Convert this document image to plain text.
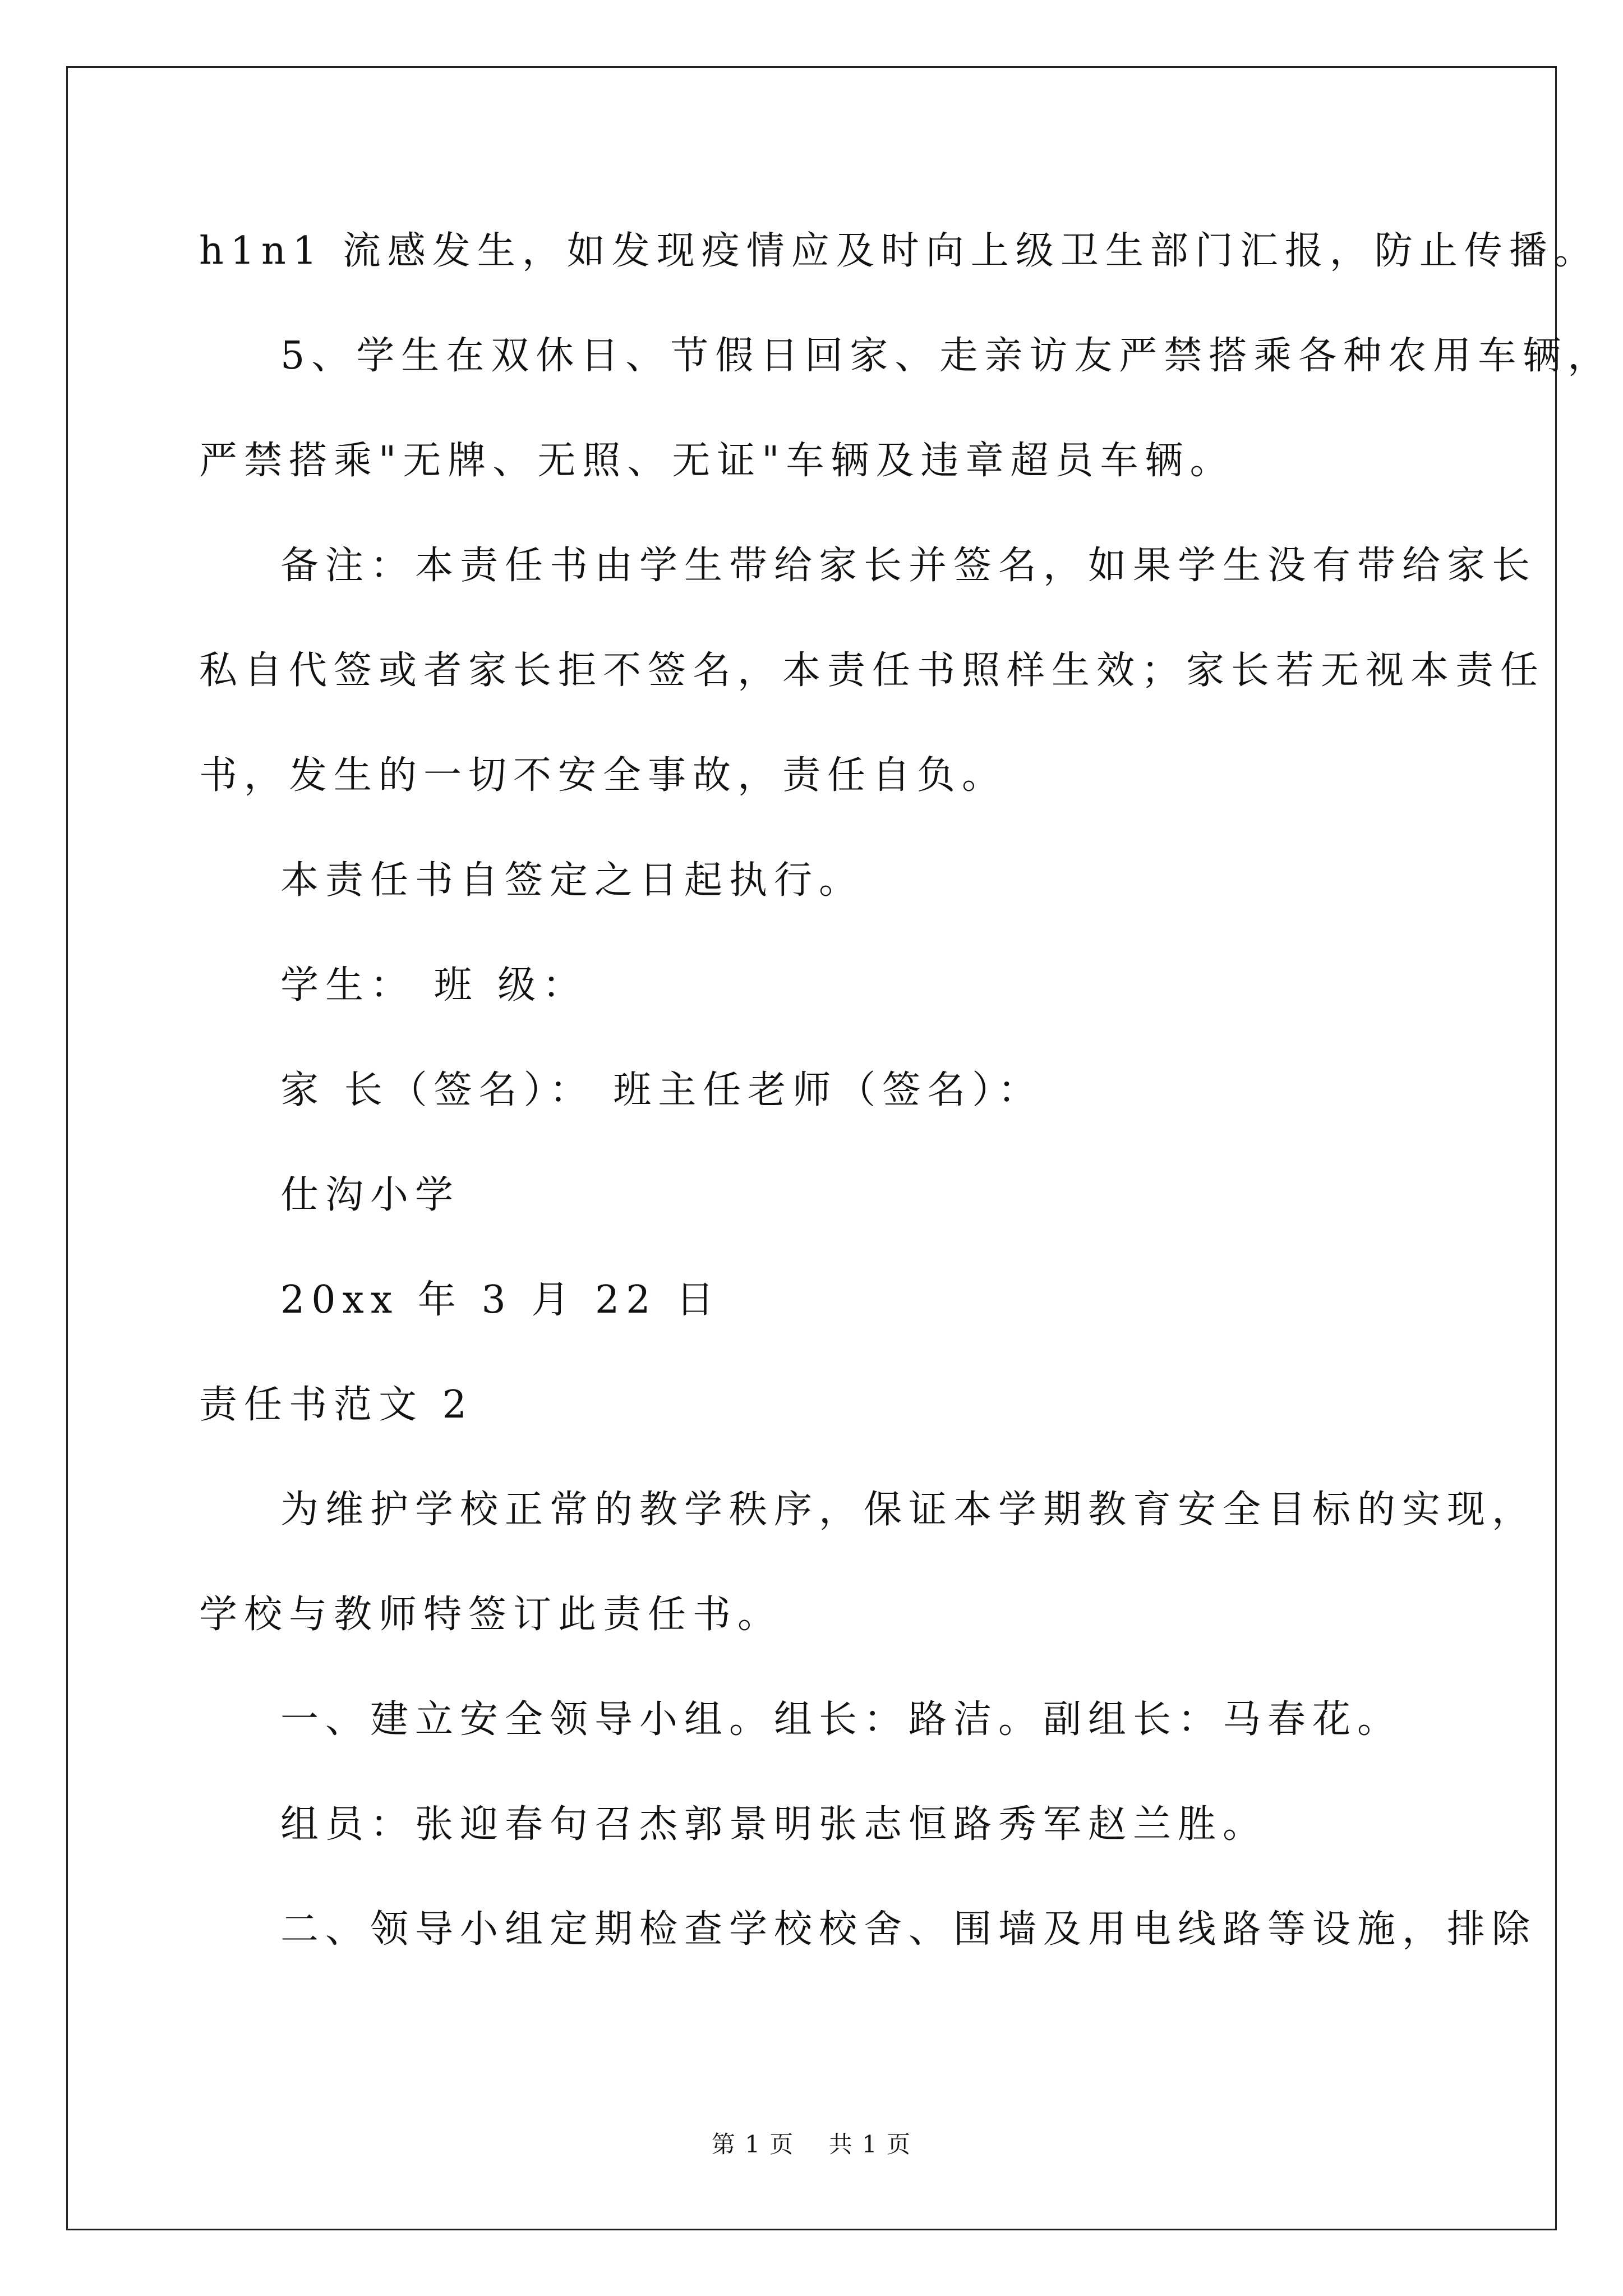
h1n1 流感发生，如发现疫情应及时向上级卫生部门汇报，防止传播。
5、学生在双休日、节假日回家、走亲访友严禁搭乘各种农用车辆，
严禁搭乘"无牌、无照、无证"车辆及违章超员车辆。
备注：本责任书由学生带给家长并签名，如果学生没有带给家长
私自代签或者家长拒不签名，本责任书照样生效；家长若无视本责任
书，发生的一切不安全事故，责任自负。
本责任书自签定之日起执行。
学生： 班 级：
家 长（签名）： 班主任老师（签名）：
仕沟小学
20xx 年 3 月 22 日
责任书范文 2
为维护学校正常的教学秩序，保证本学期教育安全目标的实现，
学校与教师特签订此责任书。
一、建立安全领导小组。组长：路洁。副组长：马春花。
组员：张迎春句召杰郭景明张志恒路秀军赵兰胜。
二、领导小组定期检查学校校舍、围墙及用电线路等设施，排除
第 1 页    共 1 页
